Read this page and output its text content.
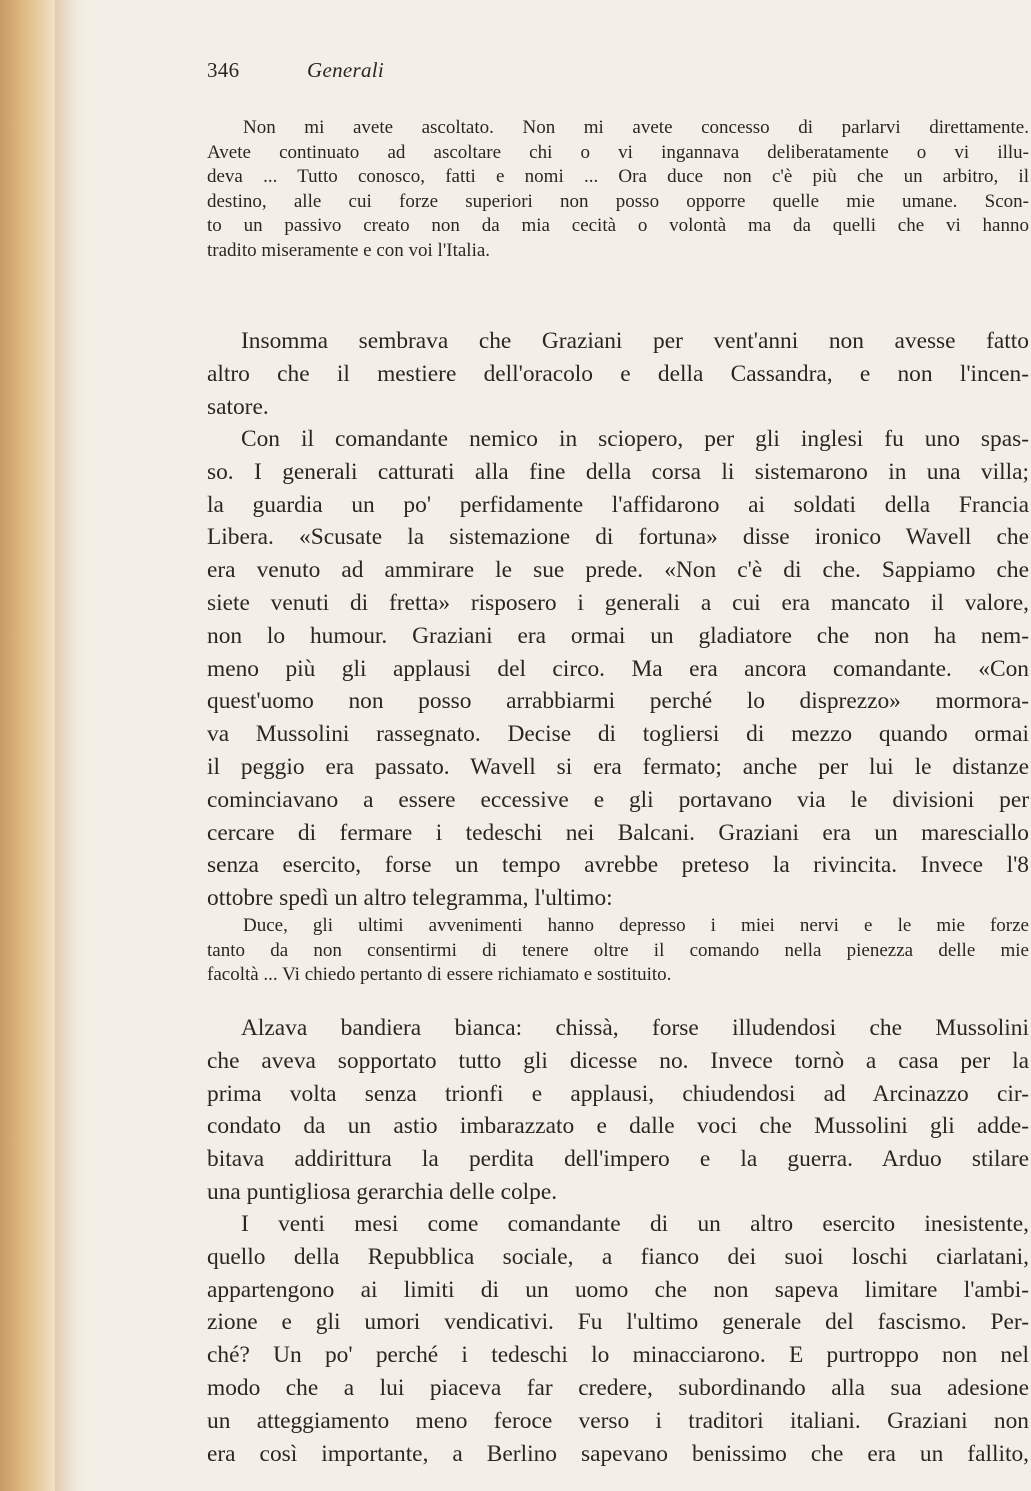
346	Generali
Non mi avete ascoltato. Non mi avete concesso di parlarvi direttamente.
Avete continuato ad ascoltare chi o vi ingannava deliberatamente o vi illu-
deva ... Tutto conosco, fatti e nomi ... Ora duce non c'è più che un arbitro, il
destino, alle cui forze superiori non posso opporre quelle mie umane. Scon-
to un passivo creato non da mia cecità o volontà ma da quelli che vi hanno
tradito miseramente e con voi l'Italia.
Insomma sembrava che Graziani per vent'anni non avesse fatto
altro che il mestiere dell'oracolo e della Cassandra, e non l'incen-
satore.
Con il comandante nemico in sciopero, per gli inglesi fu uno spas-
so. I generali catturati alla fine della corsa li sistemarono in una villa;
la guardia un po' perfidamente l'affidarono ai soldati della Francia
Libera. «Scusate la sistemazione di fortuna» disse ironico Wavell che
era venuto ad ammirare le sue prede. «Non c'è di che. Sappiamo che
siete venuti di fretta» risposero i generali a cui era mancato il valore,
non lo humour. Graziani era ormai un gladiatore che non ha nem-
meno più gli applausi del circo. Ma era ancora comandante. «Con
quest'uomo non posso arrabbiarmi perché lo disprezzo» mormora-
va Mussolini rassegnato. Decise di togliersi di mezzo quando ormai
il peggio era passato. Wavell si era fermato; anche per lui le distanze
cominciavano a essere eccessive e gli portavano via le divisioni per
cercare di fermare i tedeschi nei Balcani. Graziani era un maresciallo
senza esercito, forse un tempo avrebbe preteso la rivincita. Invece l'8
ottobre spedì un altro telegramma, l'ultimo:
Duce, gli ultimi avvenimenti hanno depresso i miei nervi e le mie forze
tanto da non consentirmi di tenere oltre il comando nella pienezza delle mie
facoltà ... Vi chiedo pertanto di essere richiamato e sostituito.
Alzava bandiera bianca: chissà, forse illudendosi che Mussolini
che aveva sopportato tutto gli dicesse no. Invece tornò a casa per la
prima volta senza trionfi e applausi, chiudendosi ad Arcinazzo cir-
condato da un astio imbarazzato e dalle voci che Mussolini gli adde-
bitava addirittura la perdita dell'impero e la guerra. Arduo stilare
una puntigliosa gerarchia delle colpe.
I venti mesi come comandante di un altro esercito inesistente,
quello della Repubblica sociale, a fianco dei suoi loschi ciarlatani,
appartengono ai limiti di un uomo che non sapeva limitare l'ambi-
zione e gli umori vendicativi. Fu l'ultimo generale del fascismo. Per-
ché? Un po' perché i tedeschi lo minacciarono. E purtroppo non nel
modo che a lui piaceva far credere, subordinando alla sua adesione
un atteggiamento meno feroce verso i traditori italiani. Graziani non
era così importante, a Berlino sapevano benissimo che era un fallito,
